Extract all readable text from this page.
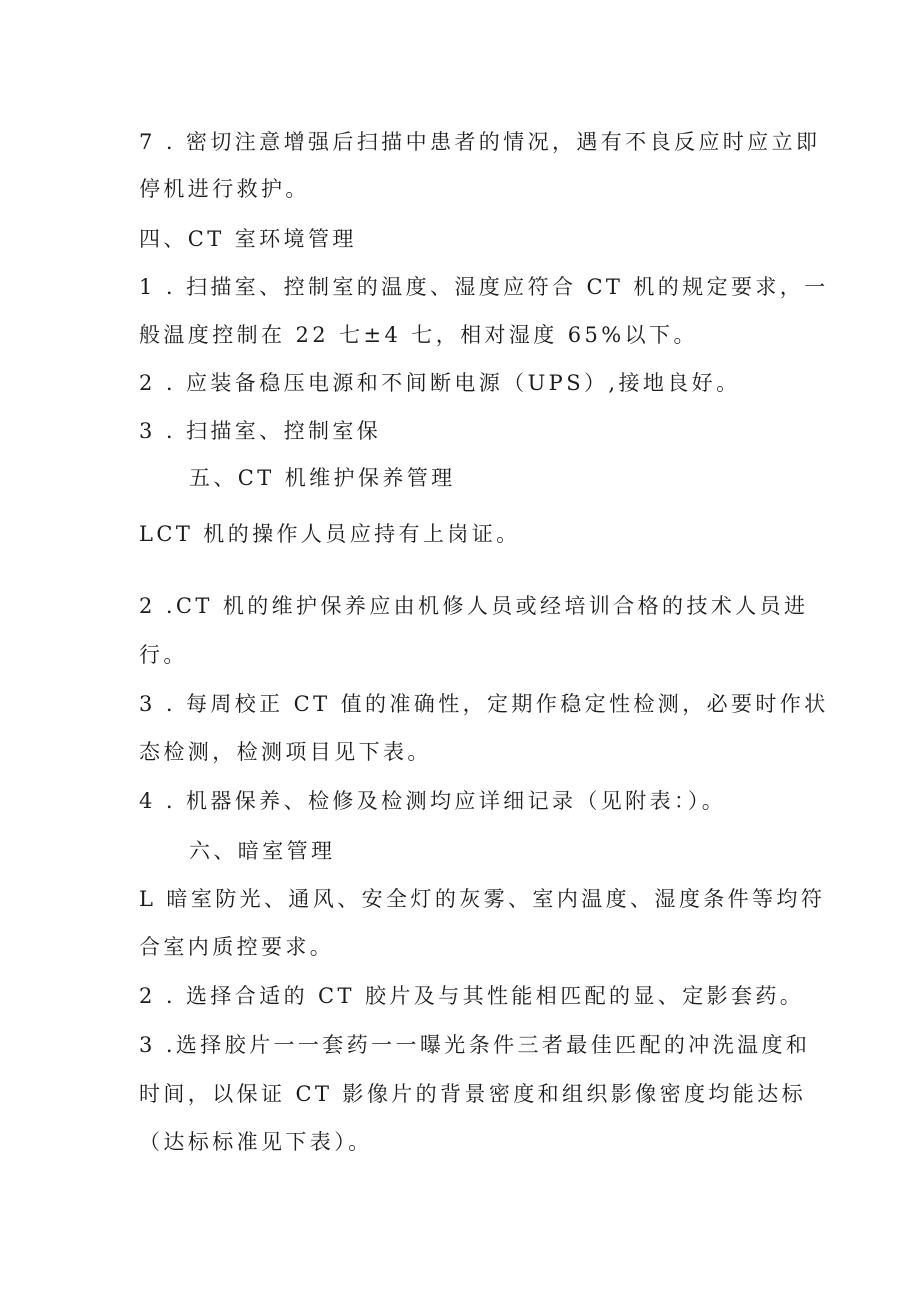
7 . 密切注意增强后扫描中患者的情况，遇有不良反应时应立即

停机进行救护。

四、CT 室环境管理

1 . 扫描室、控制室的温度、湿度应符合 CT 机的规定要求，一

般温度控制在 22 七±4 七，相对湿度 65%以下。

2 . 应装备稳压电源和不间断电源（UPS）,接地良好。

3 . 扫描室、控制室保

五、CT 机维护保养管理

LCT 机的操作人员应持有上岗证。

2 .CT 机的维护保养应由机修人员或经培训合格的技术人员进

行。

3 . 每周校正 CT 值的准确性，定期作稳定性检测，必要时作状

态检测，检测项目见下表。

4 . 机器保养、检修及检测均应详细记录（见附表：）。

六、暗室管理

L 暗室防光、通风、安全灯的灰雾、室内温度、湿度条件等均符

合室内质控要求。

2 . 选择合适的 CT 胶片及与其性能相匹配的显、定影套药。

3 .选择胶片一一套药一一曝光条件三者最佳匹配的冲洗温度和

时间，以保证 CT 影像片的背景密度和组织影像密度均能达标

（达标标准见下表）。
